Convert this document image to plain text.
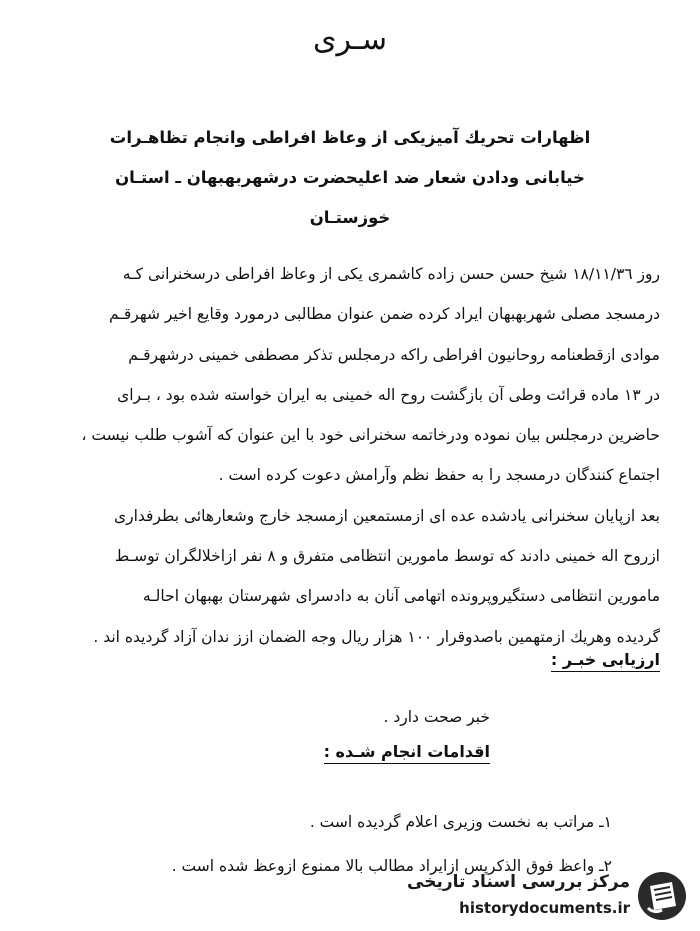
سـرى
اظهارات تحريك آميزيكى از وعاظ افراطى وانجام تظاهـرات
خيابانى ودادن شعار ضد اعليحضرت درشهربهبهان ـ استـان
خوزستـان
روز ١٨/١١/٣٦ شيخ حسن حسن زاده كاشمرى يكى از وعاظ افراطى درسخنرانى كـه
درمسجد مصلى شهربهبهان ايراد كرده ضمن عنوان مطالبى درمورد وقايع اخير شهرقـم
موادى ازقطعنامه روحانيون افراطى راكه درمجلس تذكر مصطفى خمينى درشهرقـم
در ١٣ ماده قرائت وطى آن بازگشت روح اله خمينى به ايران خواسته شده بود ، بـراى
حاضرين درمجلس بيان نموده ودرخاتمه سخنرانى خود با اين عنوان كه آشوب طلب نيست ،
اجتماع كنندگان درمسجد را به حفظ نظم وآرامش دعوت كرده است .
بعد ازپايان سخنرانى يادشده عده اى ازمستمعين ازمسجد خارج وشعارهائى بطرفدارى
ازروح اله خمينى دادند كه توسط مامورين انتظامى متفرق و ٨ نفر ازاخلالگران توسـط
مامورين انتظامى دستگيروپرونده اتهامى آنان به دادسراى شهرستان بهبهان احالـه
گرديده وهريك ازمتهمين باصدوقرار ١٠٠ هزار ريال وجه الضمان ازز ندان آزاد گرديده اند .
ارزيابى خبـر :
خبر صحت دارد .
اقدامات انجام شـده :
١ـ مراتب به نخست وزيرى اعلام گرديده است .
٢ـ واعظ فوق الذكرپس ازايراد مطالب بالا ممنوع ازوعظ شده است .
مركز بررسى اسناد تاريخى
historydocuments.ir
